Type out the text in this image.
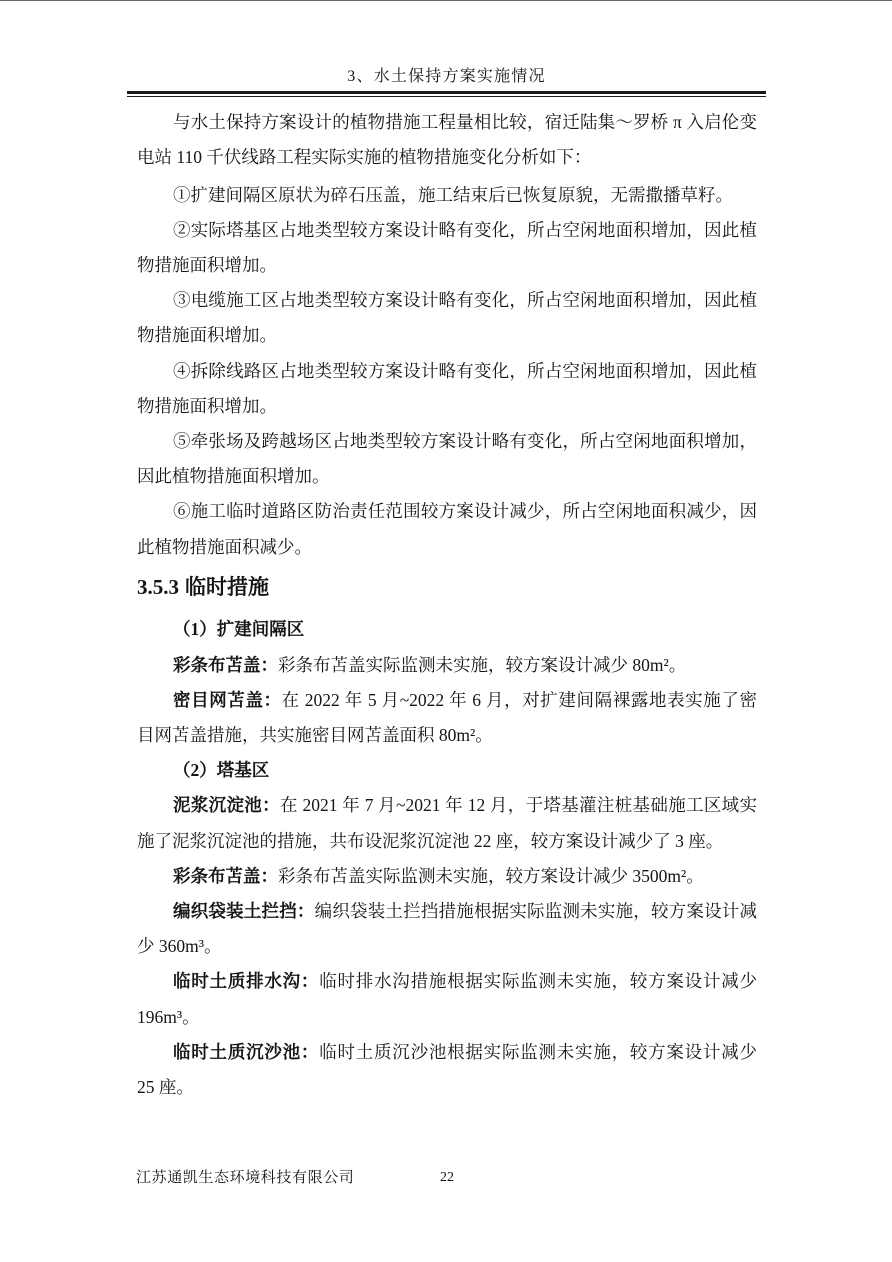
3、水土保持方案实施情况
与水土保持方案设计的植物措施工程量相比较，宿迁陆集～罗桥 π 入启伦变
电站 110 千伏线路工程实际实施的植物措施变化分析如下：
①扩建间隔区原状为碎石压盖，施工结束后已恢复原貌，无需撒播草籽。
②实际塔基区占地类型较方案设计略有变化，所占空闲地面积增加，因此植
物措施面积增加。
③电缆施工区占地类型较方案设计略有变化，所占空闲地面积增加，因此植
物措施面积增加。
④拆除线路区占地类型较方案设计略有变化，所占空闲地面积增加，因此植
物措施面积增加。
⑤牵张场及跨越场区占地类型较方案设计略有变化，所占空闲地面积增加，
因此植物措施面积增加。
⑥施工临时道路区防治责任范围较方案设计减少，所占空闲地面积减少，因
此植物措施面积减少。
3.5.3 临时措施
（1）扩建间隔区
彩条布苫盖：彩条布苫盖实际监测未实施，较方案设计减少 80m²。
密目网苫盖：在 2022 年 5 月~2022 年 6 月，对扩建间隔裸露地表实施了密
目网苫盖措施，共实施密目网苫盖面积 80m²。
（2）塔基区
泥浆沉淀池：在 2021 年 7 月~2021 年 12 月，于塔基灌注桩基础施工区域实
施了泥浆沉淀池的措施，共布设泥浆沉淀池 22 座，较方案设计减少了 3 座。
彩条布苫盖：彩条布苫盖实际监测未实施，较方案设计减少 3500m²。
编织袋装土拦挡：编织袋装土拦挡措施根据实际监测未实施，较方案设计减
少 360m³。
临时土质排水沟：临时排水沟措施根据实际监测未实施，较方案设计减少
196m³。
临时土质沉沙池：临时土质沉沙池根据实际监测未实施，较方案设计减少
25 座。
江苏通凯生态环境科技有限公司	22
